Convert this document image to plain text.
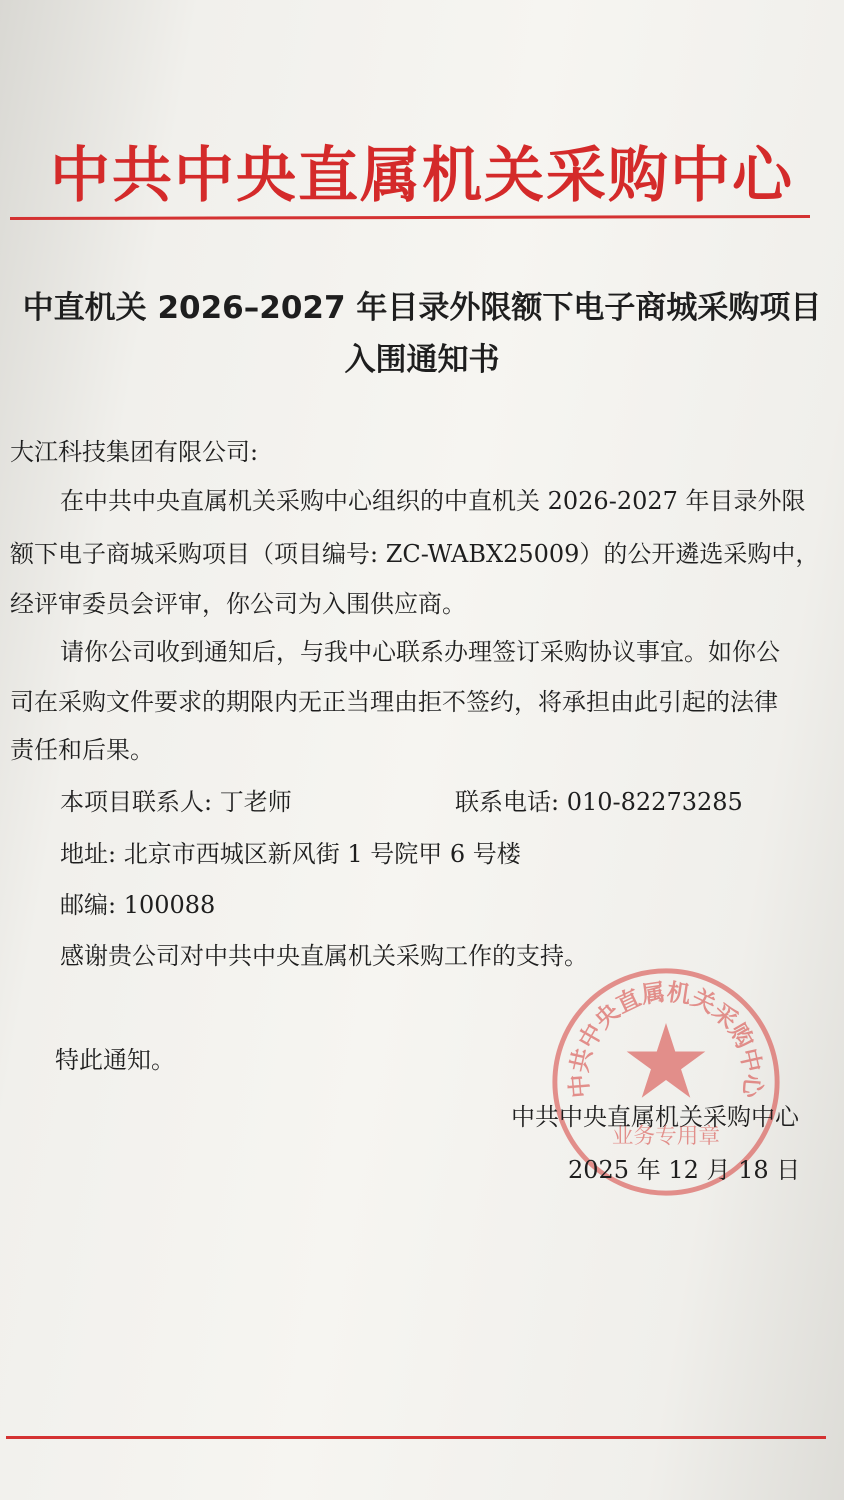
中共中央直属机关采购中心
中直机关 2026–2027 年目录外限额下电子商城采购项目
入围通知书
大江科技集团有限公司:
在中共中央直属机关采购中心组织的中直机关 2026-2027 年目录外限
额下电子商城采购项目（项目编号: ZC-WABX25009）的公开遴选采购中，
经评审委员会评审，你公司为入围供应商。
请你公司收到通知后，与我中心联系办理签订采购协议事宜。如你公
司在采购文件要求的期限内无正当理由拒不签约，将承担由此引起的法律
责任和后果。
本项目联系人: 丁老师	联系电话: 010-82273285
地址: 北京市西城区新风街 1 号院甲 6 号楼
邮编: 100088
感谢贵公司对中共中央直属机关采购工作的支持。
特此通知。
中共中央直属机关采购中心
业务专用章
中共中央直属机关采购中心
2025 年 12 月 18 日
